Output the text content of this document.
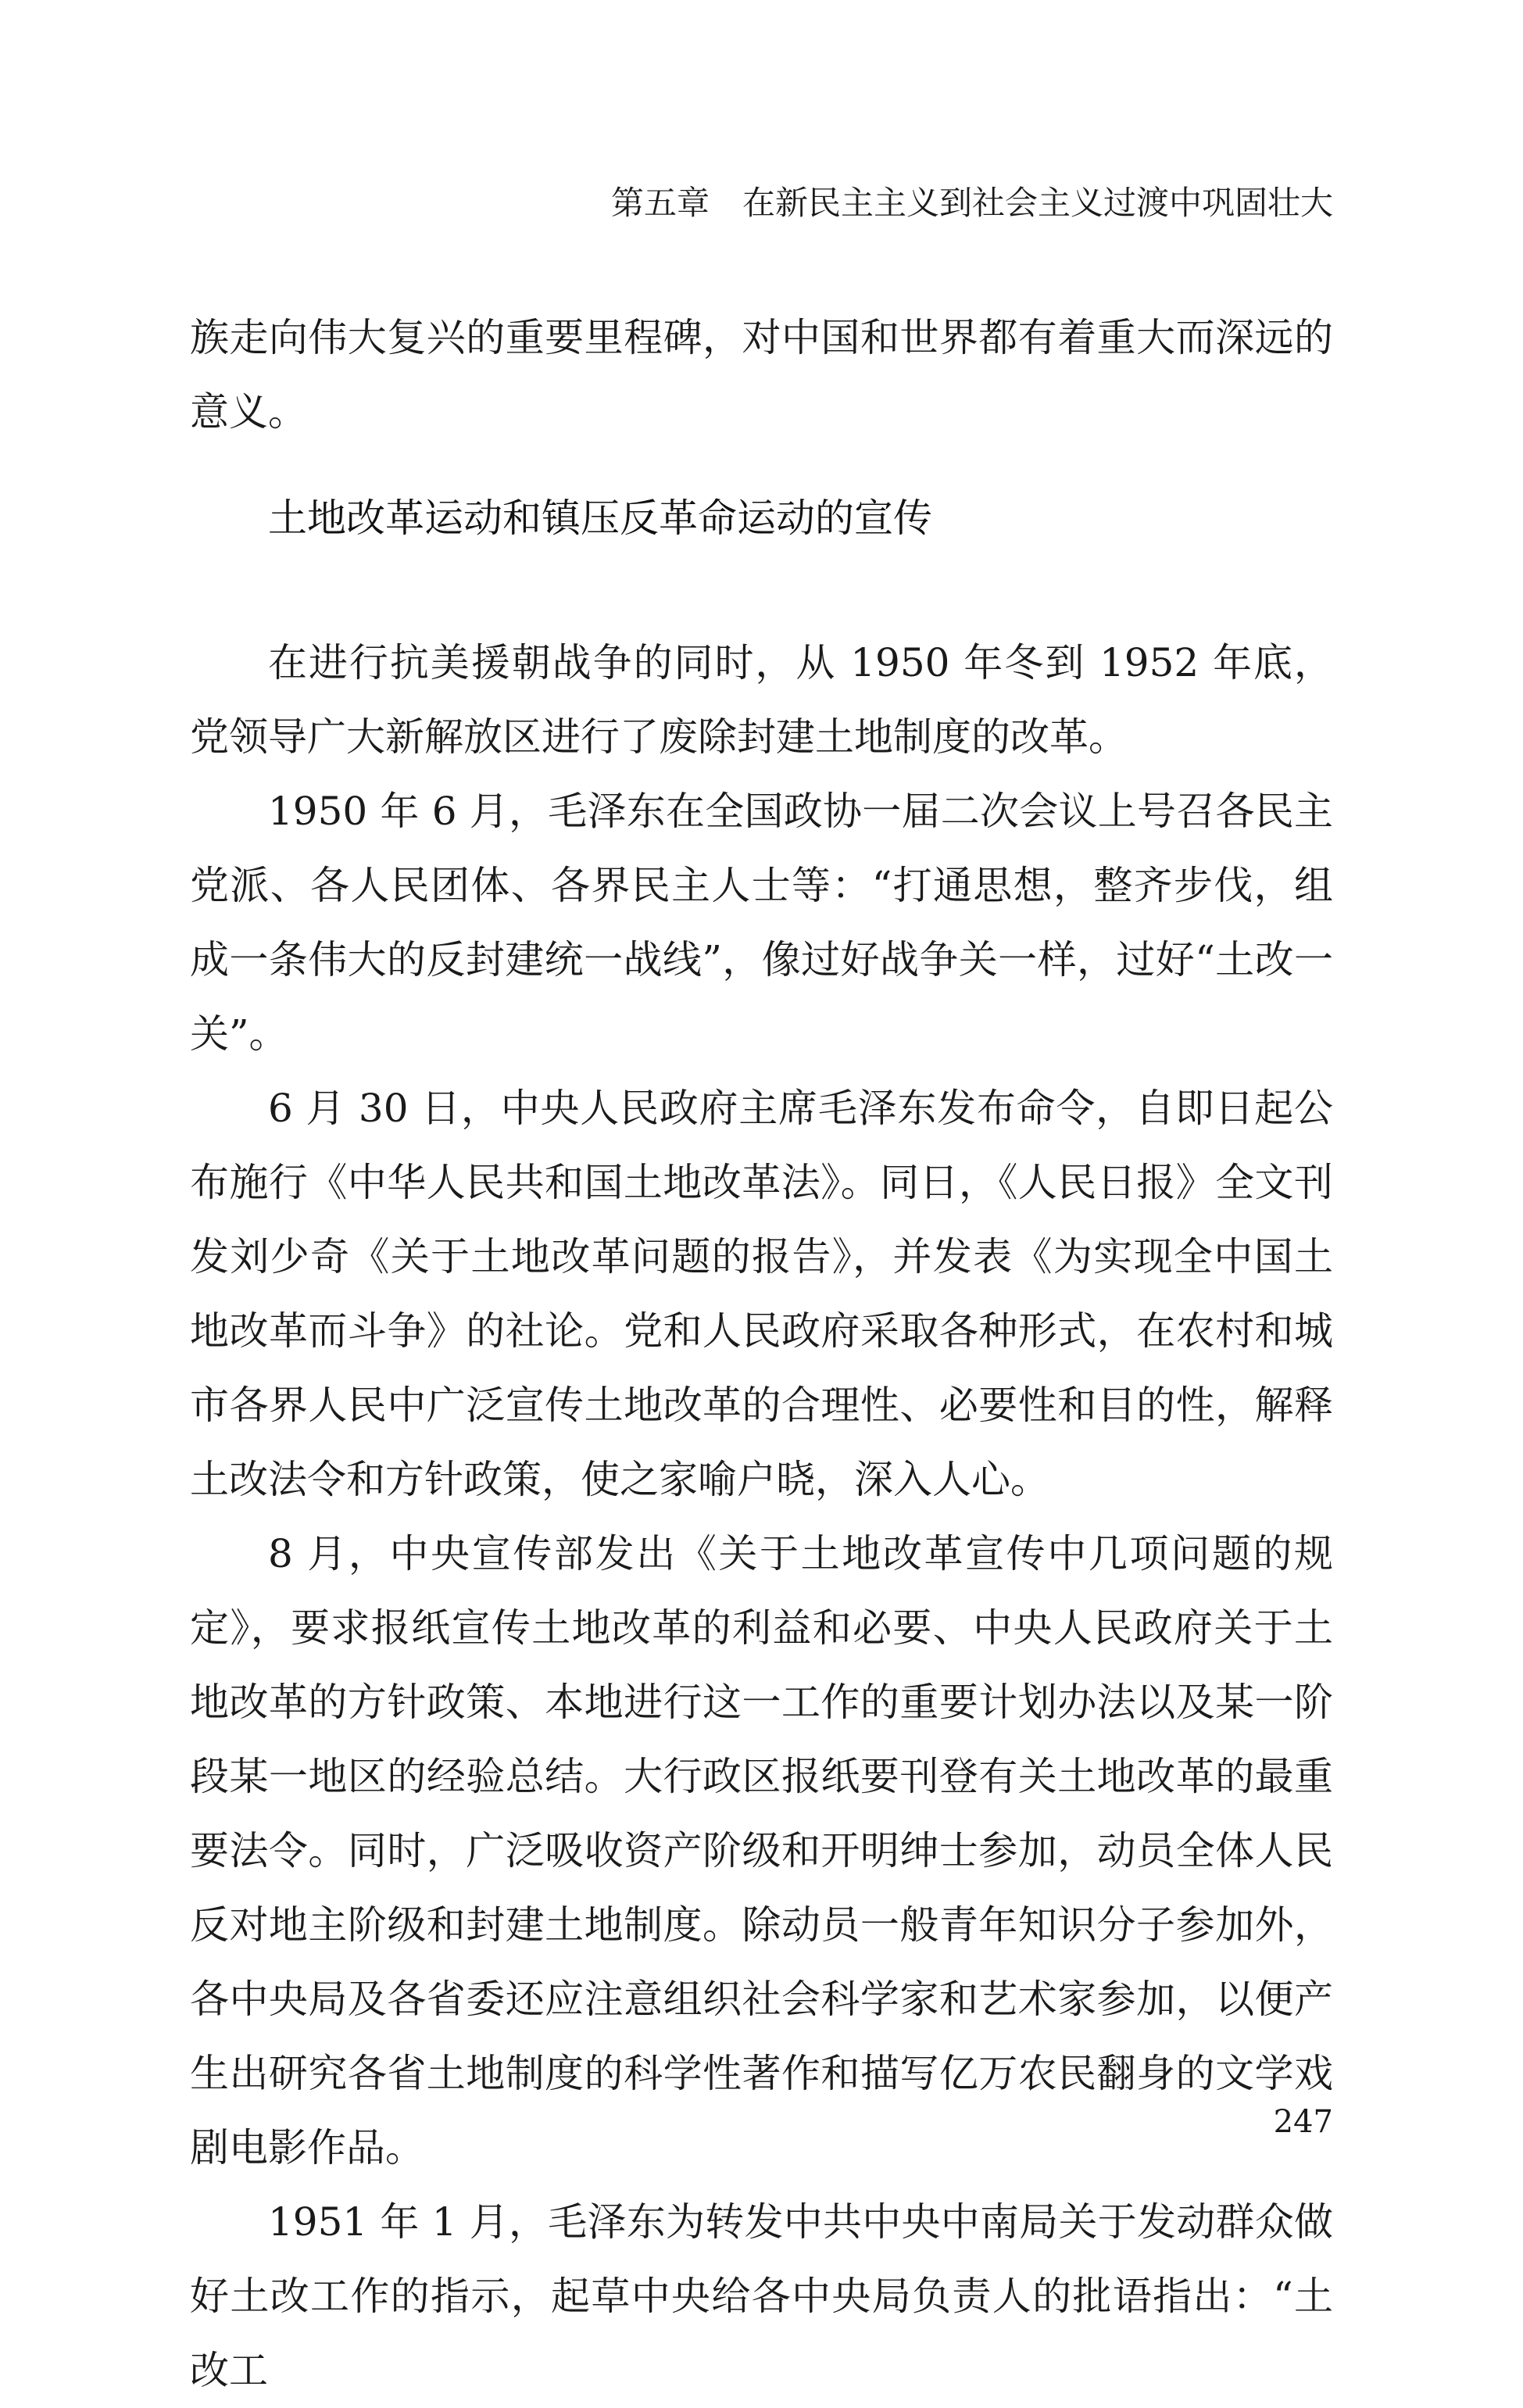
第五章　在新民主主义到社会主义过渡中巩固壮大
族走向伟大复兴的重要里程碑，对中国和世界都有着重大而深远的意义。
土地改革运动和镇压反革命运动的宣传

在进行抗美援朝战争的同时，从 1950 年冬到 1952 年底，党领导广大新解放区进行了废除封建土地制度的改革。

1950 年 6 月，毛泽东在全国政协一届二次会议上号召各民主党派、各人民团体、各界民主人士等：“打通思想，整齐步伐，组成一条伟大的反封建统一战线”，像过好战争关一样，过好“土改一关”。

6 月 30 日，中央人民政府主席毛泽东发布命令，自即日起公布施行《中华人民共和国土地改革法》。同日，《人民日报》全文刊发刘少奇《关于土地改革问题的报告》，并发表《为实现全中国土地改革而斗争》的社论。党和人民政府采取各种形式，在农村和城市各界人民中广泛宣传土地改革的合理性、必要性和目的性，解释土改法令和方针政策，使之家喻户晓，深入人心。

8 月，中央宣传部发出《关于土地改革宣传中几项问题的规定》，要求报纸宣传土地改革的利益和必要、中央人民政府关于土地改革的方针政策、本地进行这一工作的重要计划办法以及某一阶段某一地区的经验总结。大行政区报纸要刊登有关土地改革的最重要法令。同时，广泛吸收资产阶级和开明绅士参加，动员全体人民反对地主阶级和封建土地制度。除动员一般青年知识分子参加外，各中央局及各省委还应注意组织社会科学家和艺术家参加，以便产生出研究各省土地制度的科学性著作和描写亿万农民翻身的文学戏剧电影作品。

1951 年 1 月，毛泽东为转发中共中央中南局关于发动群众做好土改工作的指示，起草中央给各中央局负责人的批语指出：“土改工

247
